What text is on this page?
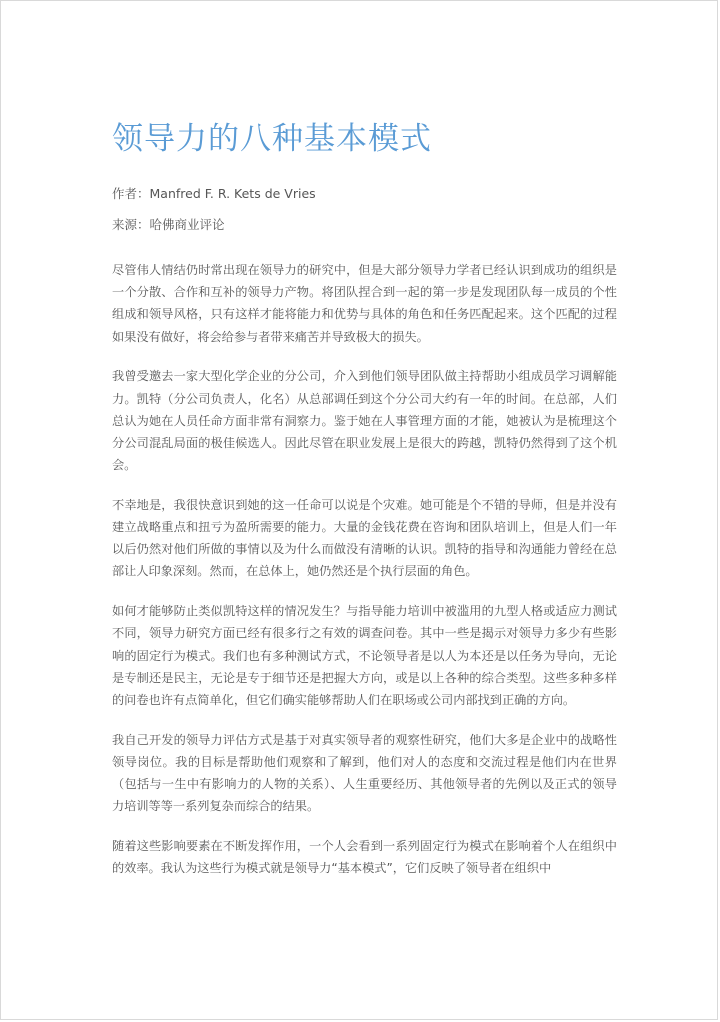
领导力的八种基本模式
作者：Manfred F. R. Kets de Vries
来源：哈佛商业评论

尽管伟人情结仍时常出现在领导力的研究中，但是大部分领导力学者已经认识到成功的组织是一个分散、合作和互补的领导力产物。将团队捏合到一起的第一步是发现团队每一成员的个性组成和领导风格，只有这样才能将能力和优势与具体的角色和任务匹配起来。这个匹配的过程如果没有做好，将会给参与者带来痛苦并导致极大的损失。

我曾受邀去一家大型化学企业的分公司，介入到他们领导团队做主持帮助小组成员学习调解能力。凯特（分公司负责人，化名）从总部调任到这个分公司大约有一年的时间。在总部，人们总认为她在人员任命方面非常有洞察力。鉴于她在人事管理方面的才能，她被认为是梳理这个分公司混乱局面的极佳候选人。因此尽管在职业发展上是很大的跨越，凯特仍然得到了这个机会。

不幸地是，我很快意识到她的这一任命可以说是个灾难。她可能是个不错的导师，但是并没有建立战略重点和扭亏为盈所需要的能力。大量的金钱花费在咨询和团队培训上，但是人们一年以后仍然对他们所做的事情以及为什么而做没有清晰的认识。凯特的指导和沟通能力曾经在总部让人印象深刻。然而，在总体上，她仍然还是个执行层面的角色。

如何才能够防止类似凯特这样的情况发生？与指导能力培训中被滥用的九型人格或适应力测试不同，领导力研究方面已经有很多行之有效的调查问卷。其中一些是揭示对领导力多少有些影响的固定行为模式。我们也有多种测试方式，不论领导者是以人为本还是以任务为导向，无论是专制还是民主，无论是专于细节还是把握大方向，或是以上各种的综合类型。这些多种多样的问卷也许有点简单化，但它们确实能够帮助人们在职场或公司内部找到正确的方向。

我自己开发的领导力评估方式是基于对真实领导者的观察性研究，他们大多是企业中的战略性领导岗位。我的目标是帮助他们观察和了解到，他们对人的态度和交流过程是他们内在世界（包括与一生中有影响力的人物的关系）、人生重要经历、其他领导者的先例以及正式的领导力培训等等一系列复杂而综合的结果。

随着这些影响要素在不断发挥作用，一个人会看到一系列固定行为模式在影响着个人在组织中的效率。我认为这些行为模式就是领导力“基本模式”，它们反映了领导者在组织中
